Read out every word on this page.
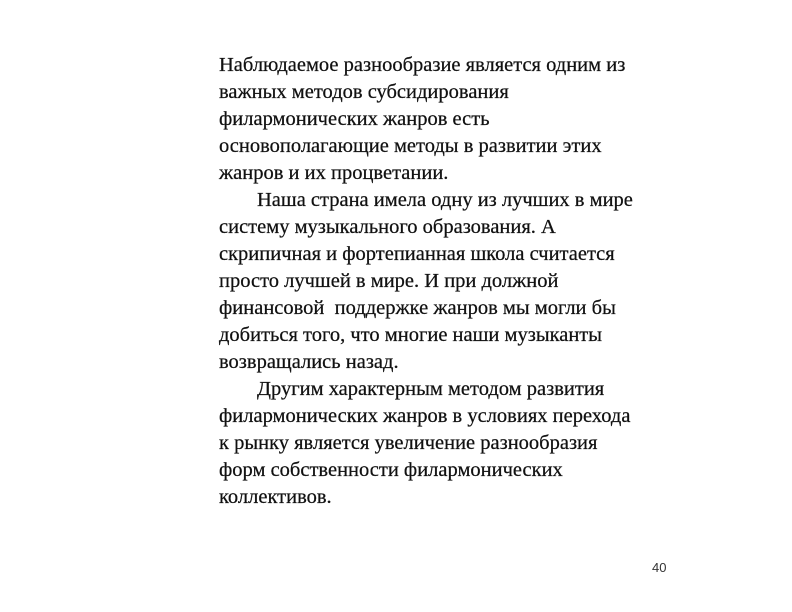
Наблюдаемое разнообразие является одним из
важных методов субсидирования
филармонических жанров есть
основополагающие методы в развитии этих
жанров и их процветании.
Наша страна имела одну из лучших в мире
систему музыкального образования. А
скрипичная и фортепианная школа считается
просто лучшей в мире. И при должной
финансовой  поддержке жанров мы могли бы
добиться того, что многие наши музыканты
возвращались назад.
Другим характерным методом развития
филармонических жанров в условиях перехода
к рынку является увеличение разнообразия
форм собственности филармонических
коллективов.
40
